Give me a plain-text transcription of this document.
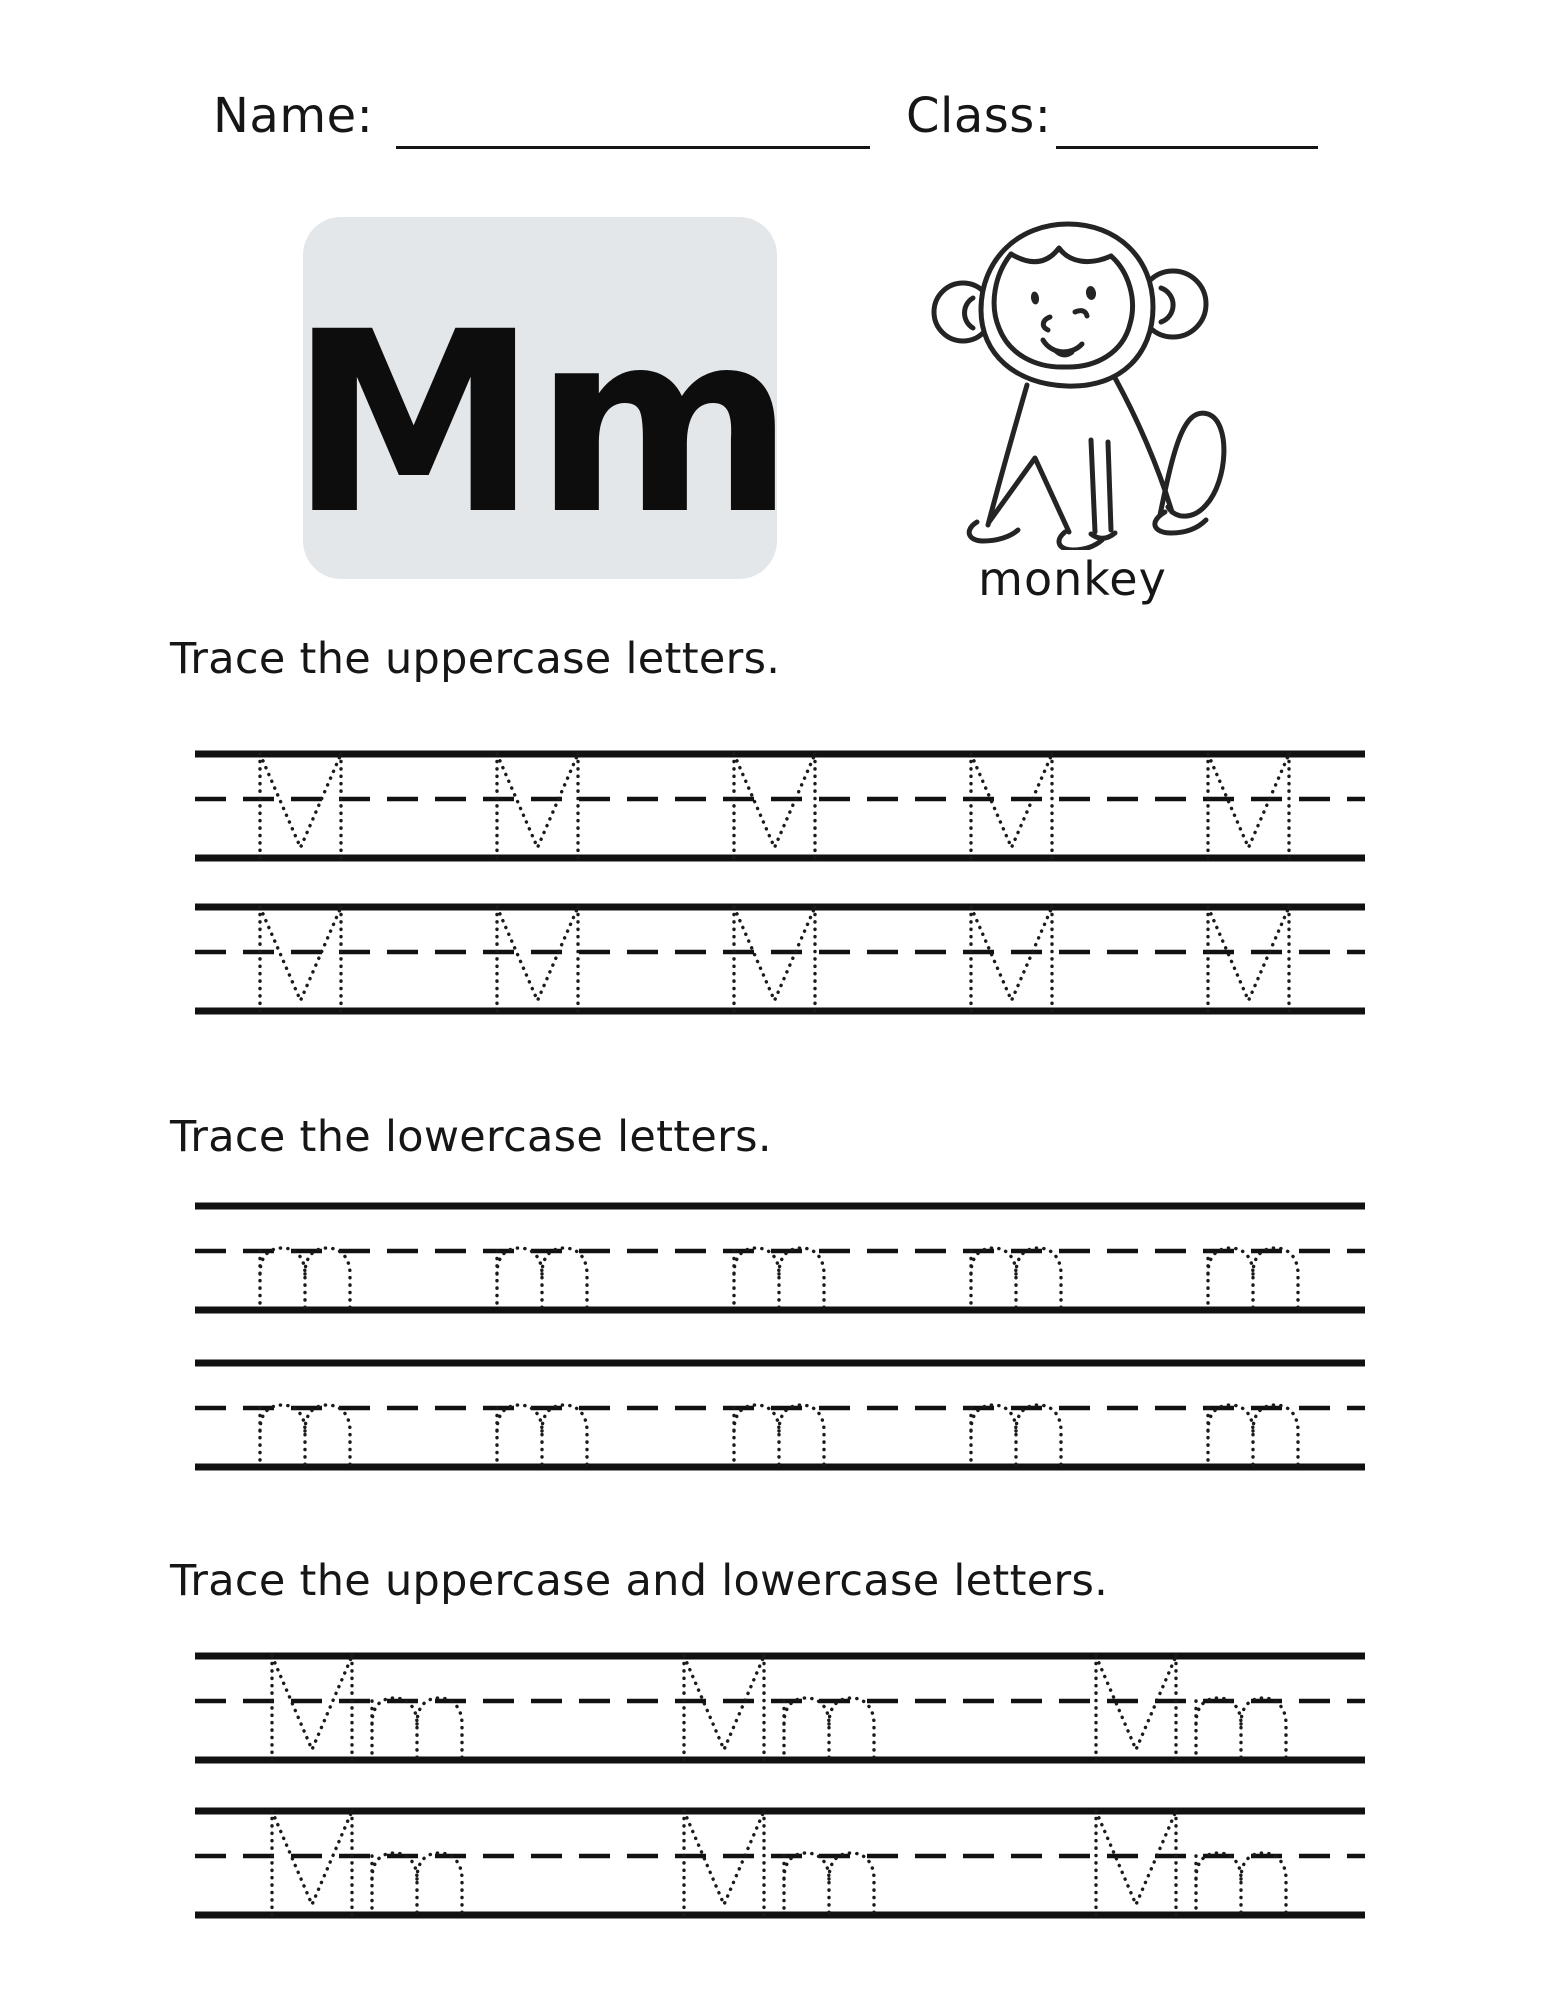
Name:	Class:
Mm
monkey
Trace the uppercase letters.
Trace the lowercase letters.
Trace the uppercase and lowercase letters.
